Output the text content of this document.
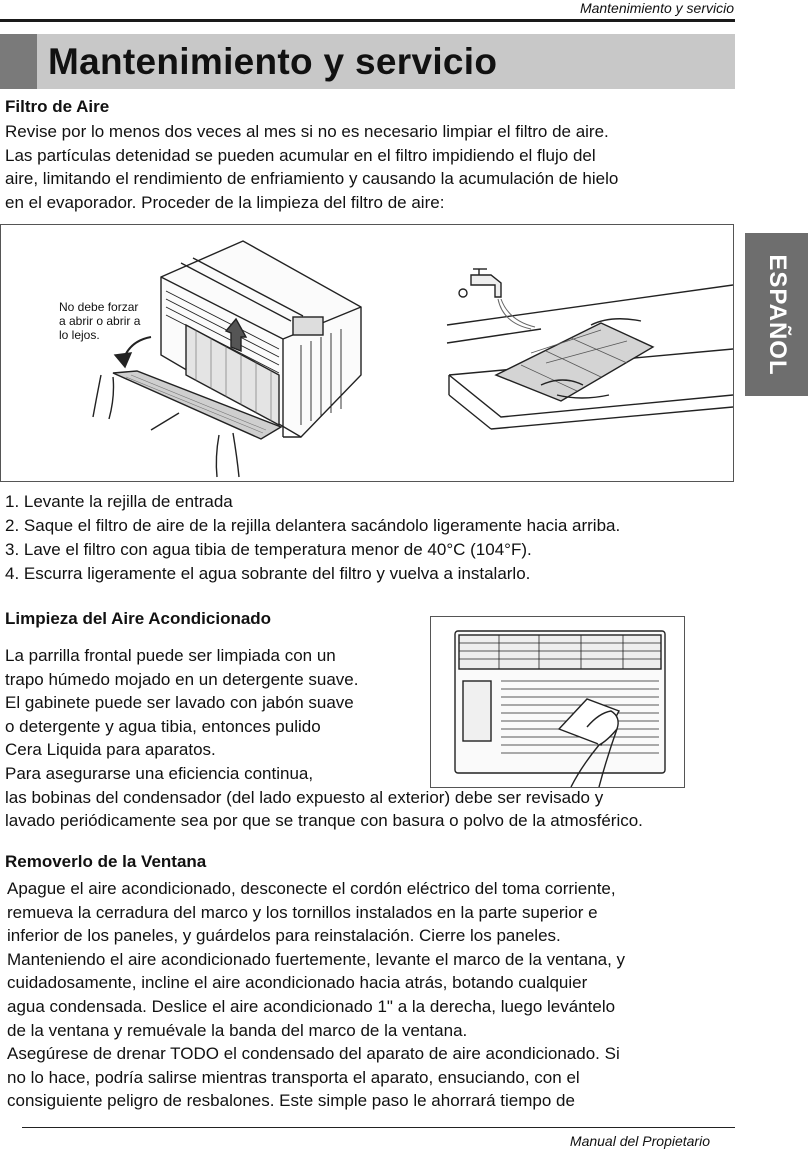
Mantenimiento y servicio
Mantenimiento y servicio
ESPAÑOL
Filtro de Aire
Revise por lo menos dos veces al mes si no es necesario limpiar el filtro de aire.
Las partículas detenidad se pueden acumular en el filtro impidiendo el flujo del
aire, limitando el rendimiento de enfriamiento y causando la acumulación de hielo
en el evaporador. Proceder de la limpieza del filtro de aire:
No debe forzar
a abrir o abrir a
lo lejos.
1. Levante la rejilla de entrada
2. Saque el filtro de aire de la rejilla delantera sacándolo ligeramente hacia arriba.
3. Lave el filtro con agua tibia de temperatura menor de 40°C (104°F).
4. Escurra ligeramente el agua sobrante del filtro y vuelva a instalarlo.
Limpieza del Aire Acondicionado
La parrilla frontal puede ser limpiada con un
trapo húmedo mojado en un detergente suave.
El gabinete puede ser lavado con jabón suave
o detergente y agua tibia, entonces pulido
Cera Liquida para aparatos.
Para asegurarse una eficiencia continua,
las bobinas del condensador (del lado expuesto al exterior) debe ser revisado y
lavado periódicamente sea por que se tranque con basura o polvo de la atmosférico.
Removerlo de la Ventana
Apague el aire acondicionado, desconecte el cordón eléctrico del toma corriente,
remueva la cerradura del marco y los tornillos instalados en la parte superior e
inferior de los paneles, y guárdelos para reinstalación. Cierre los paneles.
Manteniendo el aire acondicionado fuertemente, levante el marco de la ventana, y
cuidadosamente, incline el aire acondicionado hacia atrás, botando cualquier
agua condensada. Deslice el aire acondicionado 1" a la derecha, luego levántelo
de la ventana y remuévale la banda del marco de la ventana.
Asegúrese de drenar TODO el condensado del aparato de aire acondicionado. Si
no lo hace, podría salirse mientras transporta el aparato, ensuciando, con el
consiguiente peligro de resbalones. Este simple paso le ahorrará tiempo de
Manual del Propietario
